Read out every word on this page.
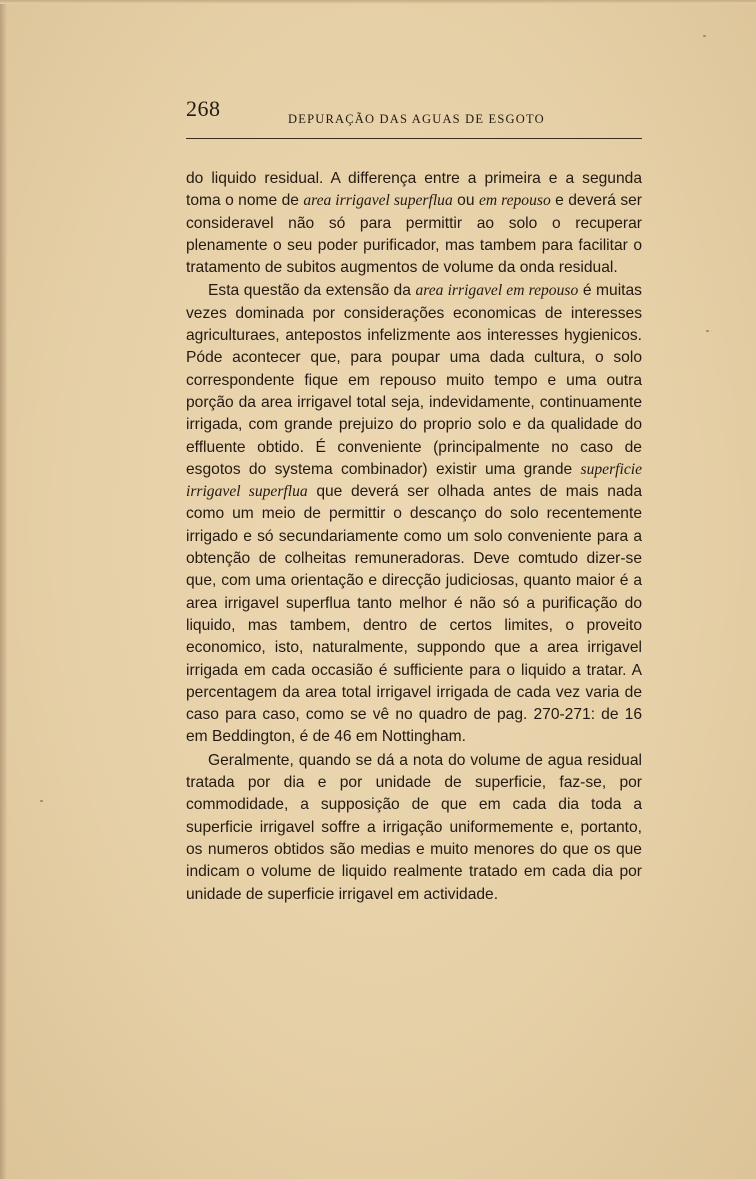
268	DEPURAÇÃO DAS AGUAS DE ESGOTO

do liquido residual. A differença entre a primeira e a segunda toma o nome de area irrigavel superflua ou em repouso e deverá ser consideravel não só para permittir ao solo o recuperar plenamente o seu poder purificador, mas tambem para facilitar o tratamento de subitos augmentos de volume da onda residual.

Esta questão da extensão da area irrigavel em repouso é muitas vezes dominada por considerações economicas de interesses agriculturaes, antepostos infelizmente aos interesses hygienicos. Póde acontecer que, para poupar uma dada cultura, o solo correspondente fique em repouso muito tempo e uma outra porção da area irrigavel total seja, indevidamente, continuamente irrigada, com grande prejuizo do proprio solo e da qualidade do effluente obtido. É conveniente (principalmente no caso de esgotos do systema combinador) existir uma grande superficie irrigavel superflua que deverá ser olhada antes de mais nada como um meio de permittir o descanço do solo recentemente irrigado e só secundariamente como um solo conveniente para a obtenção de colheitas remuneradoras. Deve comtudo dizer-se que, com uma orientação e direcção judiciosas, quanto maior é a area irrigavel superflua tanto melhor é não só a purificação do liquido, mas tambem, dentro de certos limites, o proveito economico, isto, naturalmente, suppondo que a area irrigavel irrigada em cada occasião é sufficiente para o liquido a tratar. A percentagem da area total irrigavel irrigada de cada vez varia de caso para caso, como se vê no quadro de pag. 270-271: de 16 em Beddington, é de 46 em Nottingham.

Geralmente, quando se dá a nota do volume de agua residual tratada por dia e por unidade de superficie, faz-se, por commodidade, a supposição de que em cada dia toda a superficie irrigavel soffre a irrigação uniformemente e, portanto, os numeros obtidos são medias e muito menores do que os que indicam o volume de liquido realmente tratado em cada dia por unidade de superficie irrigavel em actividade.
